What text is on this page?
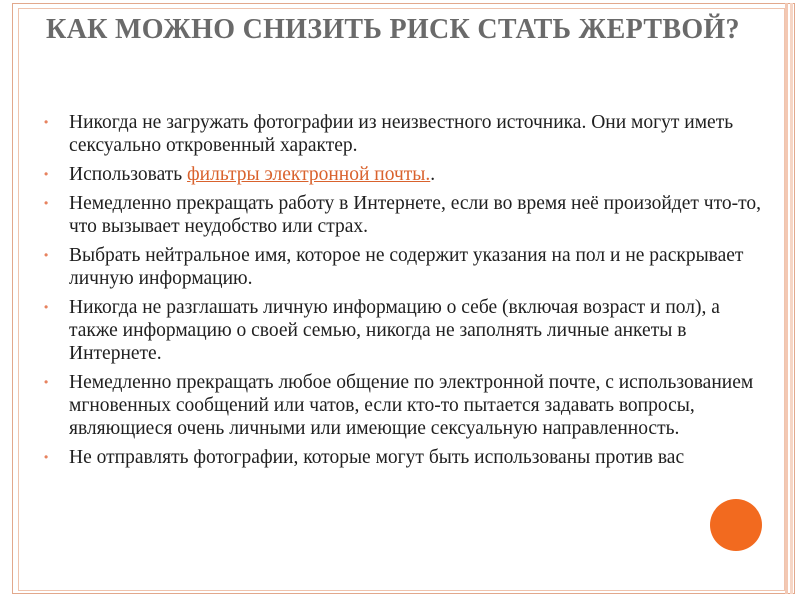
КАК МОЖНО СНИЗИТЬ РИСК СТАТЬ ЖЕРТВОЙ?
• Никогда не загружать фотографии из неизвестного источника. Они могут иметь сексуально откровенный характер.
• Использовать фильтры электронной почты..
• Немедленно прекращать работу в Интернете, если во время неё произойдет что-то, что вызывает неудобство или страх.
• Выбрать нейтральное имя, которое не содержит указания на пол и не раскрывает личную информацию.
• Никогда не разглашать личную информацию о себе (включая возраст и пол), а также информацию о своей семью, никогда не заполнять личные анкеты в Интернете.
• Немедленно прекращать любое общение по электронной почте, с использованием мгновенных сообщений или чатов, если кто-то пытается задавать вопросы, являющиеся очень личными или имеющие сексуальную направленность.
• Не отправлять фотографии, которые могут быть использованы против вас
